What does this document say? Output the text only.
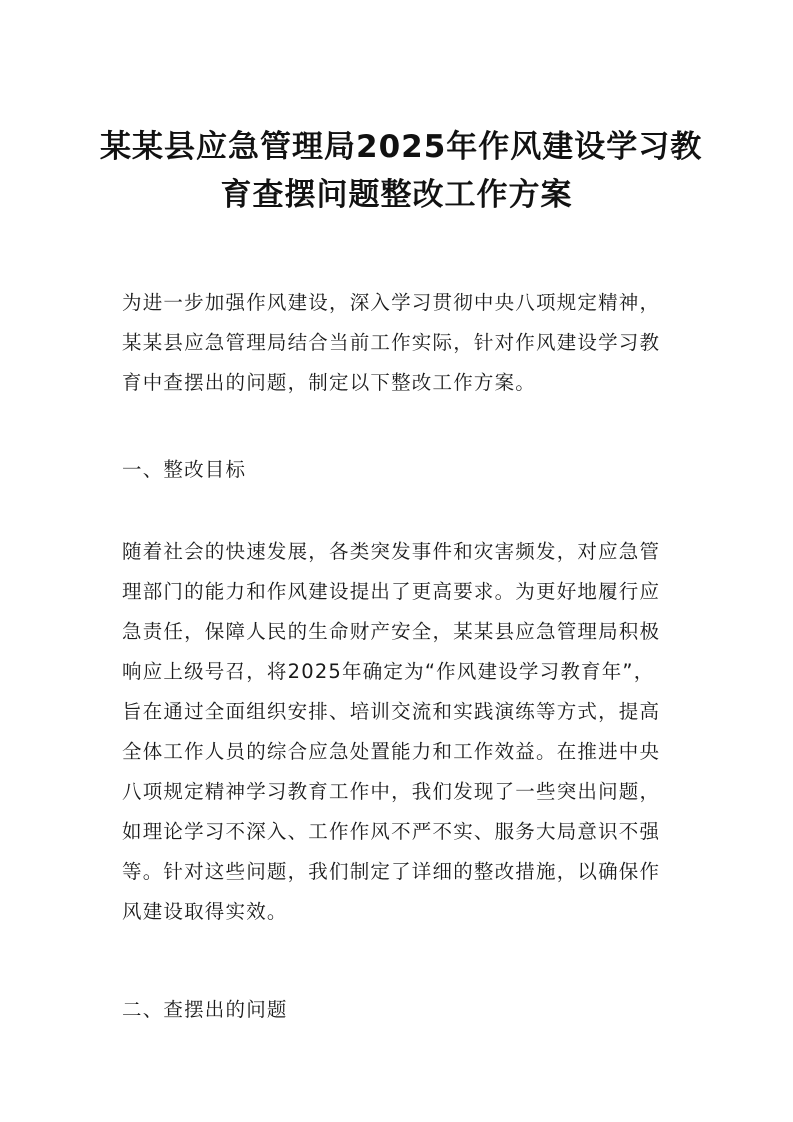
某某县应急管理局2025年作风建设学习教
育查摆问题整改工作方案
为进一步加强作风建设，深入学习贯彻中央八项规定精神，
某某县应急管理局结合当前工作实际，针对作风建设学习教
育中查摆出的问题，制定以下整改工作方案。
一、整改目标
随着社会的快速发展，各类突发事件和灾害频发，对应急管
理部门的能力和作风建设提出了更高要求。为更好地履行应
急责任，保障人民的生命财产安全，某某县应急管理局积极
响应上级号召，将2025年确定为“作风建设学习教育年”，
旨在通过全面组织安排、培训交流和实践演练等方式，提高
全体工作人员的综合应急处置能力和工作效益。在推进中央
八项规定精神学习教育工作中，我们发现了一些突出问题，
如理论学习不深入、工作作风不严不实、服务大局意识不强
等。针对这些问题，我们制定了详细的整改措施，以确保作
风建设取得实效。
二、查摆出的问题
